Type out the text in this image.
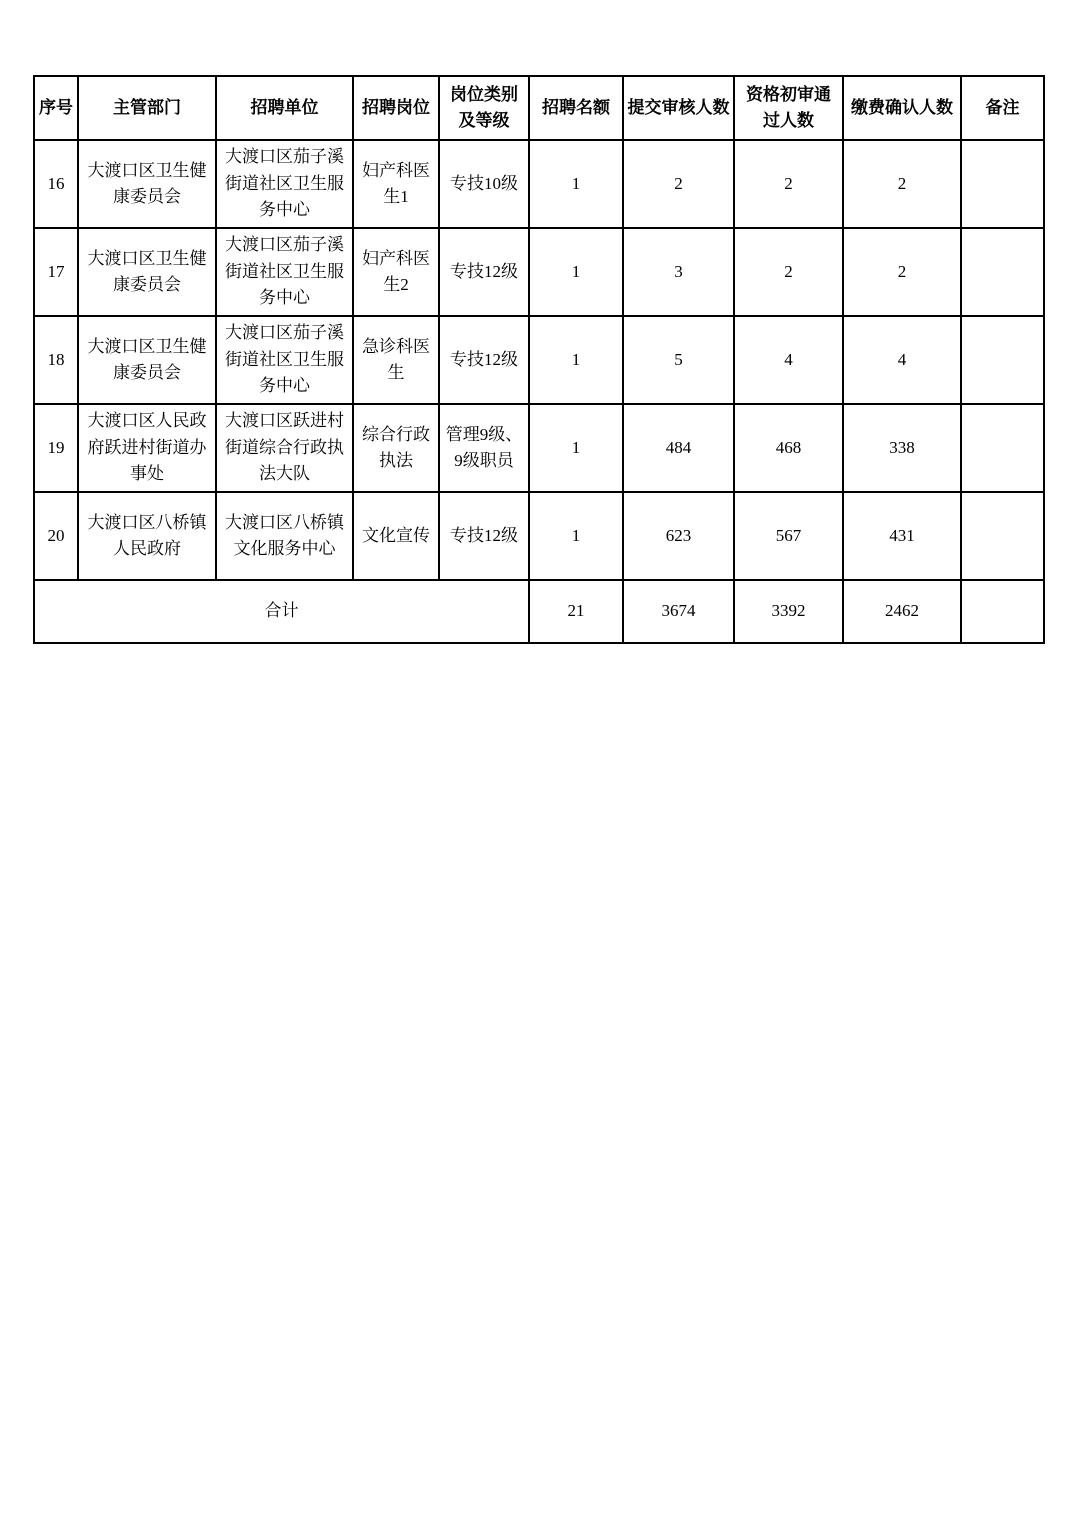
序号	主管部门	招聘单位	招聘岗位	岗位类别及等级	招聘名额	提交审核人数	资格初审通过人数	缴费确认人数	备注
16	大渡口区卫生健康委员会	大渡口区茄子溪街道社区卫生服务中心	妇产科医生1	专技10级	1	2	2	2	
17	大渡口区卫生健康委员会	大渡口区茄子溪街道社区卫生服务中心	妇产科医生2	专技12级	1	3	2	2	
18	大渡口区卫生健康委员会	大渡口区茄子溪街道社区卫生服务中心	急诊科医生	专技12级	1	5	4	4	
19	大渡口区人民政府跃进村街道办事处	大渡口区跃进村街道综合行政执法大队	综合行政执法	管理9级、9级职员	1	484	468	338	
20	大渡口区八桥镇人民政府	大渡口区八桥镇文化服务中心	文化宣传	专技12级	1	623	567	431	
合计					21	3674	3392	2462	
